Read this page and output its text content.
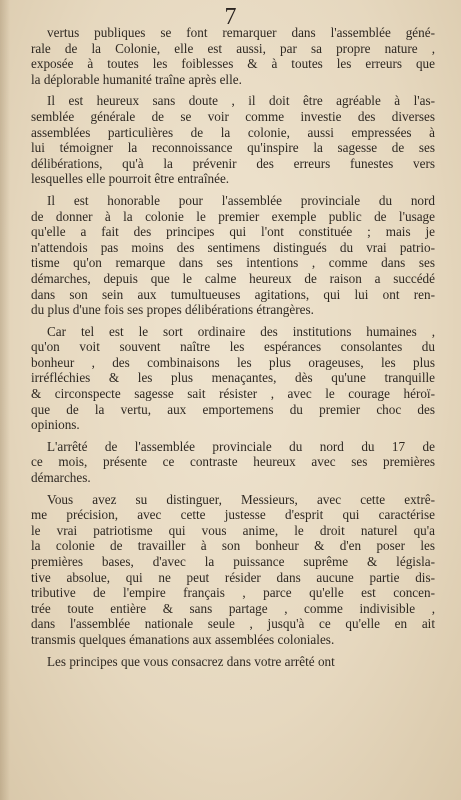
7
vertus publiques se font remarquer dans l'assemblée géné-
rale de la Colonie, elle est aussi, par sa propre nature ,
exposée à toutes les foiblesses & à toutes les erreurs que
la déplorable humanité traîne après elle.
Il est heureux sans doute , il doit être agréable à l'as-
semblée générale de se voir comme investie des diverses
assemblées particulières de la colonie, aussi empressées à
lui témoigner la reconnoissance qu'inspire la sagesse de ses
délibérations, qu'à la prévenir des erreurs funestes vers
lesquelles elle pourroit être entraînée.
Il est honorable pour l'assemblée provinciale du nord
de donner à la colonie le premier exemple public de l'usage
qu'elle a fait des principes qui l'ont constituée ; mais je
n'attendois pas moins des sentimens distingués du vrai patrio-
tisme qu'on remarque dans ses intentions , comme dans ses
démarches, depuis que le calme heureux de raison a succédé
dans son sein aux tumultueuses agitations, qui lui ont ren-
du plus d'une fois ses propes délibérations étrangères.
Car tel est le sort ordinaire des institutions humaines ,
qu'on voit souvent naître les espérances consolantes du
bonheur , des combinaisons les plus orageuses, les plus
irréfléchies & les plus menaçantes, dès qu'une tranquille
& circonspecte sagesse sait résister , avec le courage héroï-
que de la vertu, aux emportemens du premier choc des
opinions.
L'arrêté de l'assemblée provinciale du nord du 17 de
ce mois, présente ce contraste heureux avec ses premières
démarches.
Vous avez su distinguer, Messieurs, avec cette extrê-
me précision, avec cette justesse d'esprit qui caractérise
le vrai patriotisme qui vous anime, le droit naturel qu'a
la colonie de travailler à son bonheur & d'en poser les
premières bases, d'avec la puissance suprême & législa-
tive absolue, qui ne peut résider dans aucune partie dis-
tributive de l'empire français , parce qu'elle est concen-
trée toute entière & sans partage , comme indivisible ,
dans l'assemblée nationale seule , jusqu'à ce qu'elle en ait
transmis quelques émanations aux assemblées coloniales.
Les principes que vous consacrez dans votre arrêté ont
